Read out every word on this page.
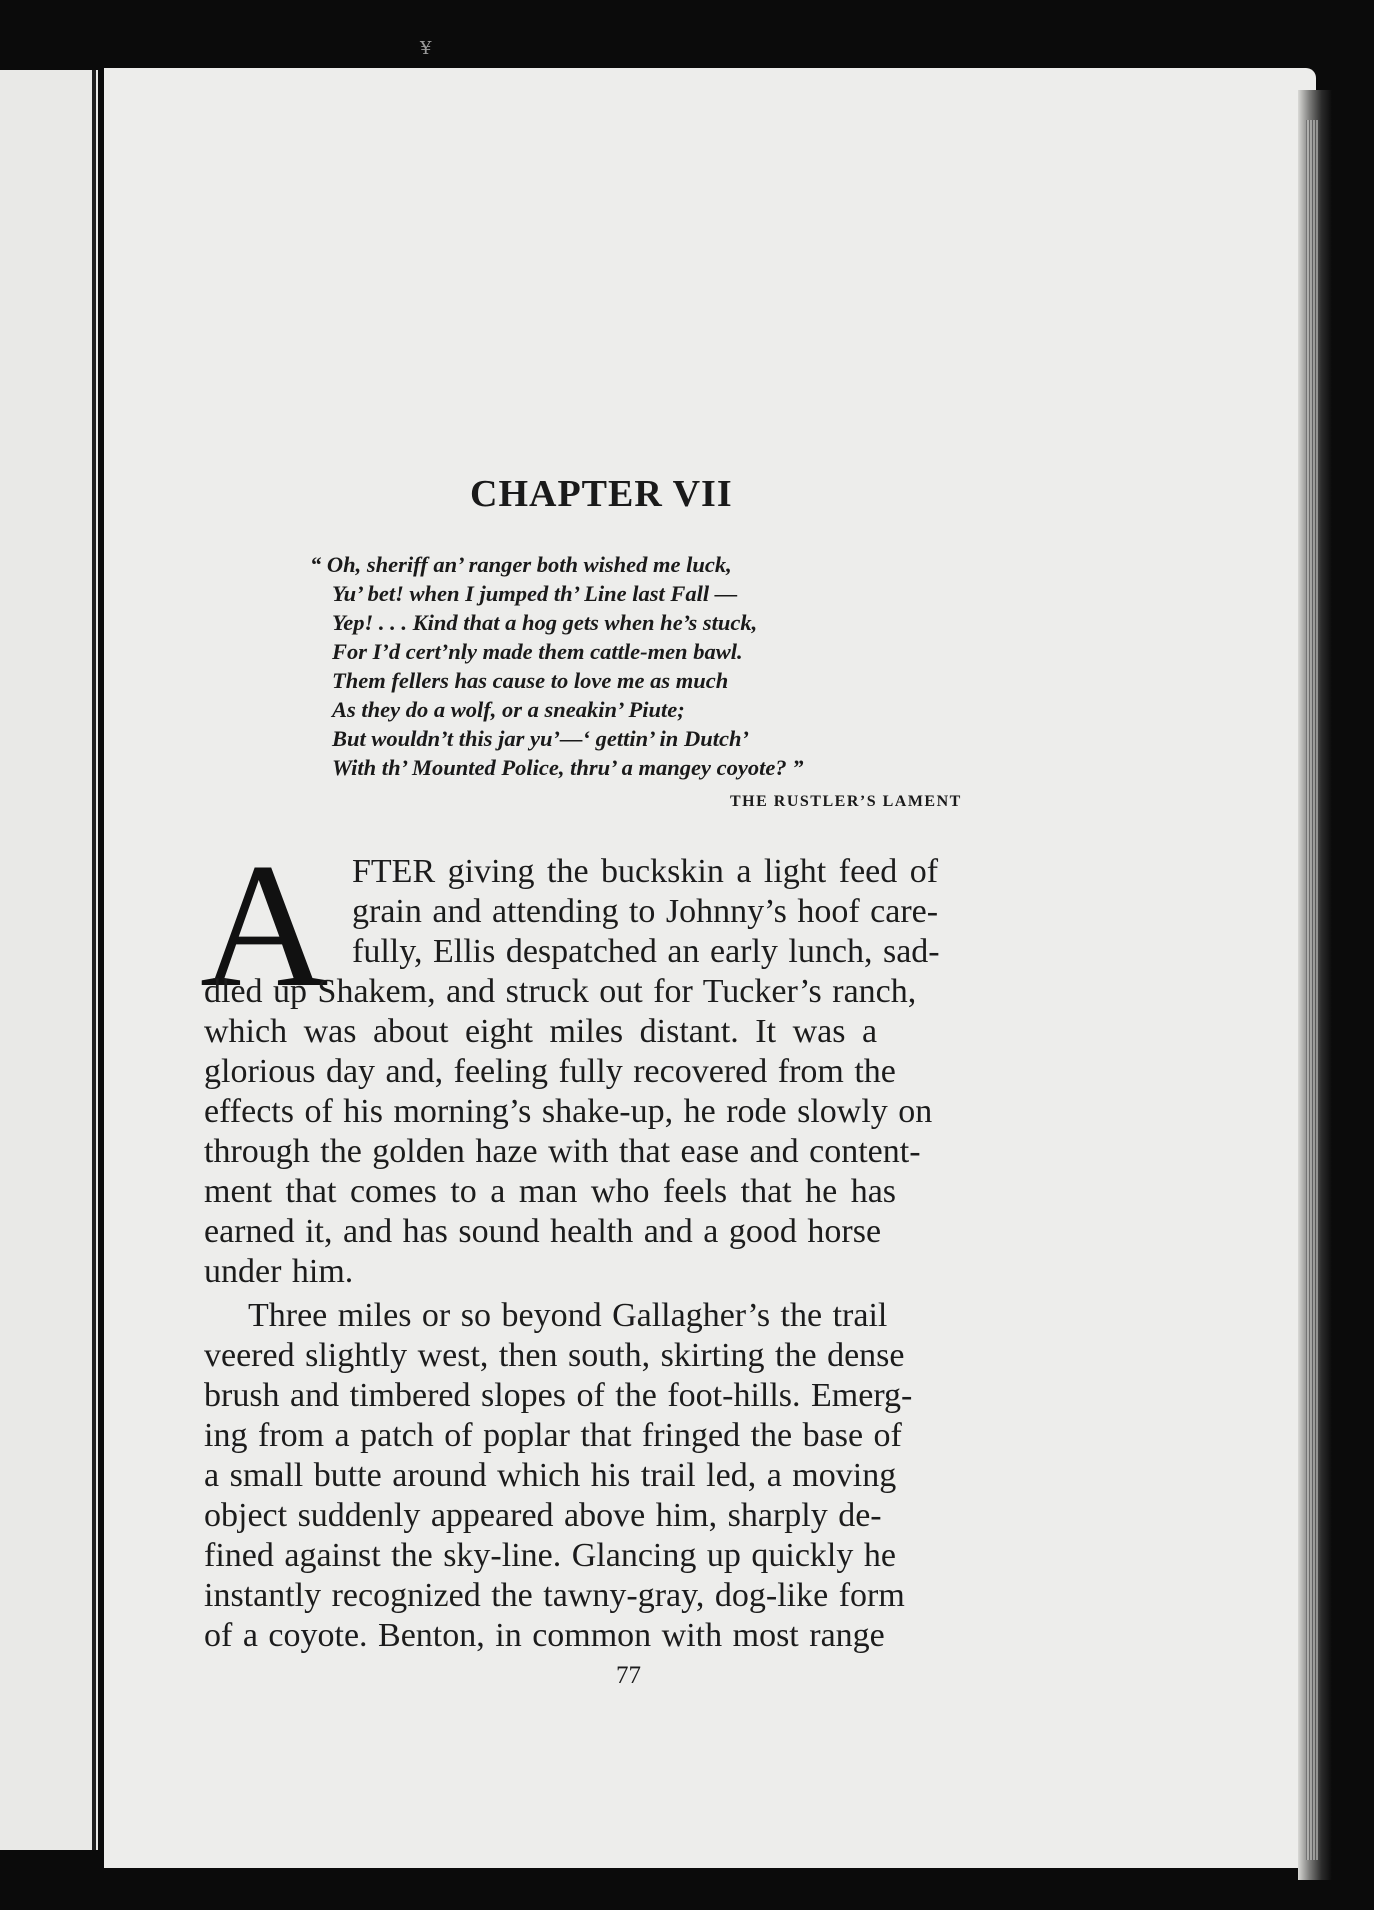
¥
CHAPTER VII
“ Oh, sheriff an’ ranger both wished me luck,
Yu’ bet! when I jumped th’ Line last Fall —
Yep! . . . Kind that a hog gets when he’s stuck,
For I’d cert’nly made them cattle-men bawl.
Them fellers has cause to love me as much
As they do a wolf, or a sneakin’ Piute;
But wouldn’t this jar yu’—‘ gettin’ in Dutch’
With th’ Mounted Police, thru’ a mangey coyote? ”
THE RUSTLER’S LAMENT
A FTER giving the buckskin a light feed of
grain and attending to Johnny’s hoof care-
fully, Ellis despatched an early lunch, sad-
dled up Shakem, and struck out for Tucker’s ranch,
which was about eight miles distant. It was a
glorious day and, feeling fully recovered from the
effects of his morning’s shake-up, he rode slowly on
through the golden haze with that ease and content-
ment that comes to a man who feels that he has
earned it, and has sound health and a good horse
under him.
Three miles or so beyond Gallagher’s the trail
veered slightly west, then south, skirting the dense
brush and timbered slopes of the foot-hills. Emerg-
ing from a patch of poplar that fringed the base of
a small butte around which his trail led, a moving
object suddenly appeared above him, sharply de-
fined against the sky-line. Glancing up quickly he
instantly recognized the tawny-gray, dog-like form
of a coyote. Benton, in common with most range
77
